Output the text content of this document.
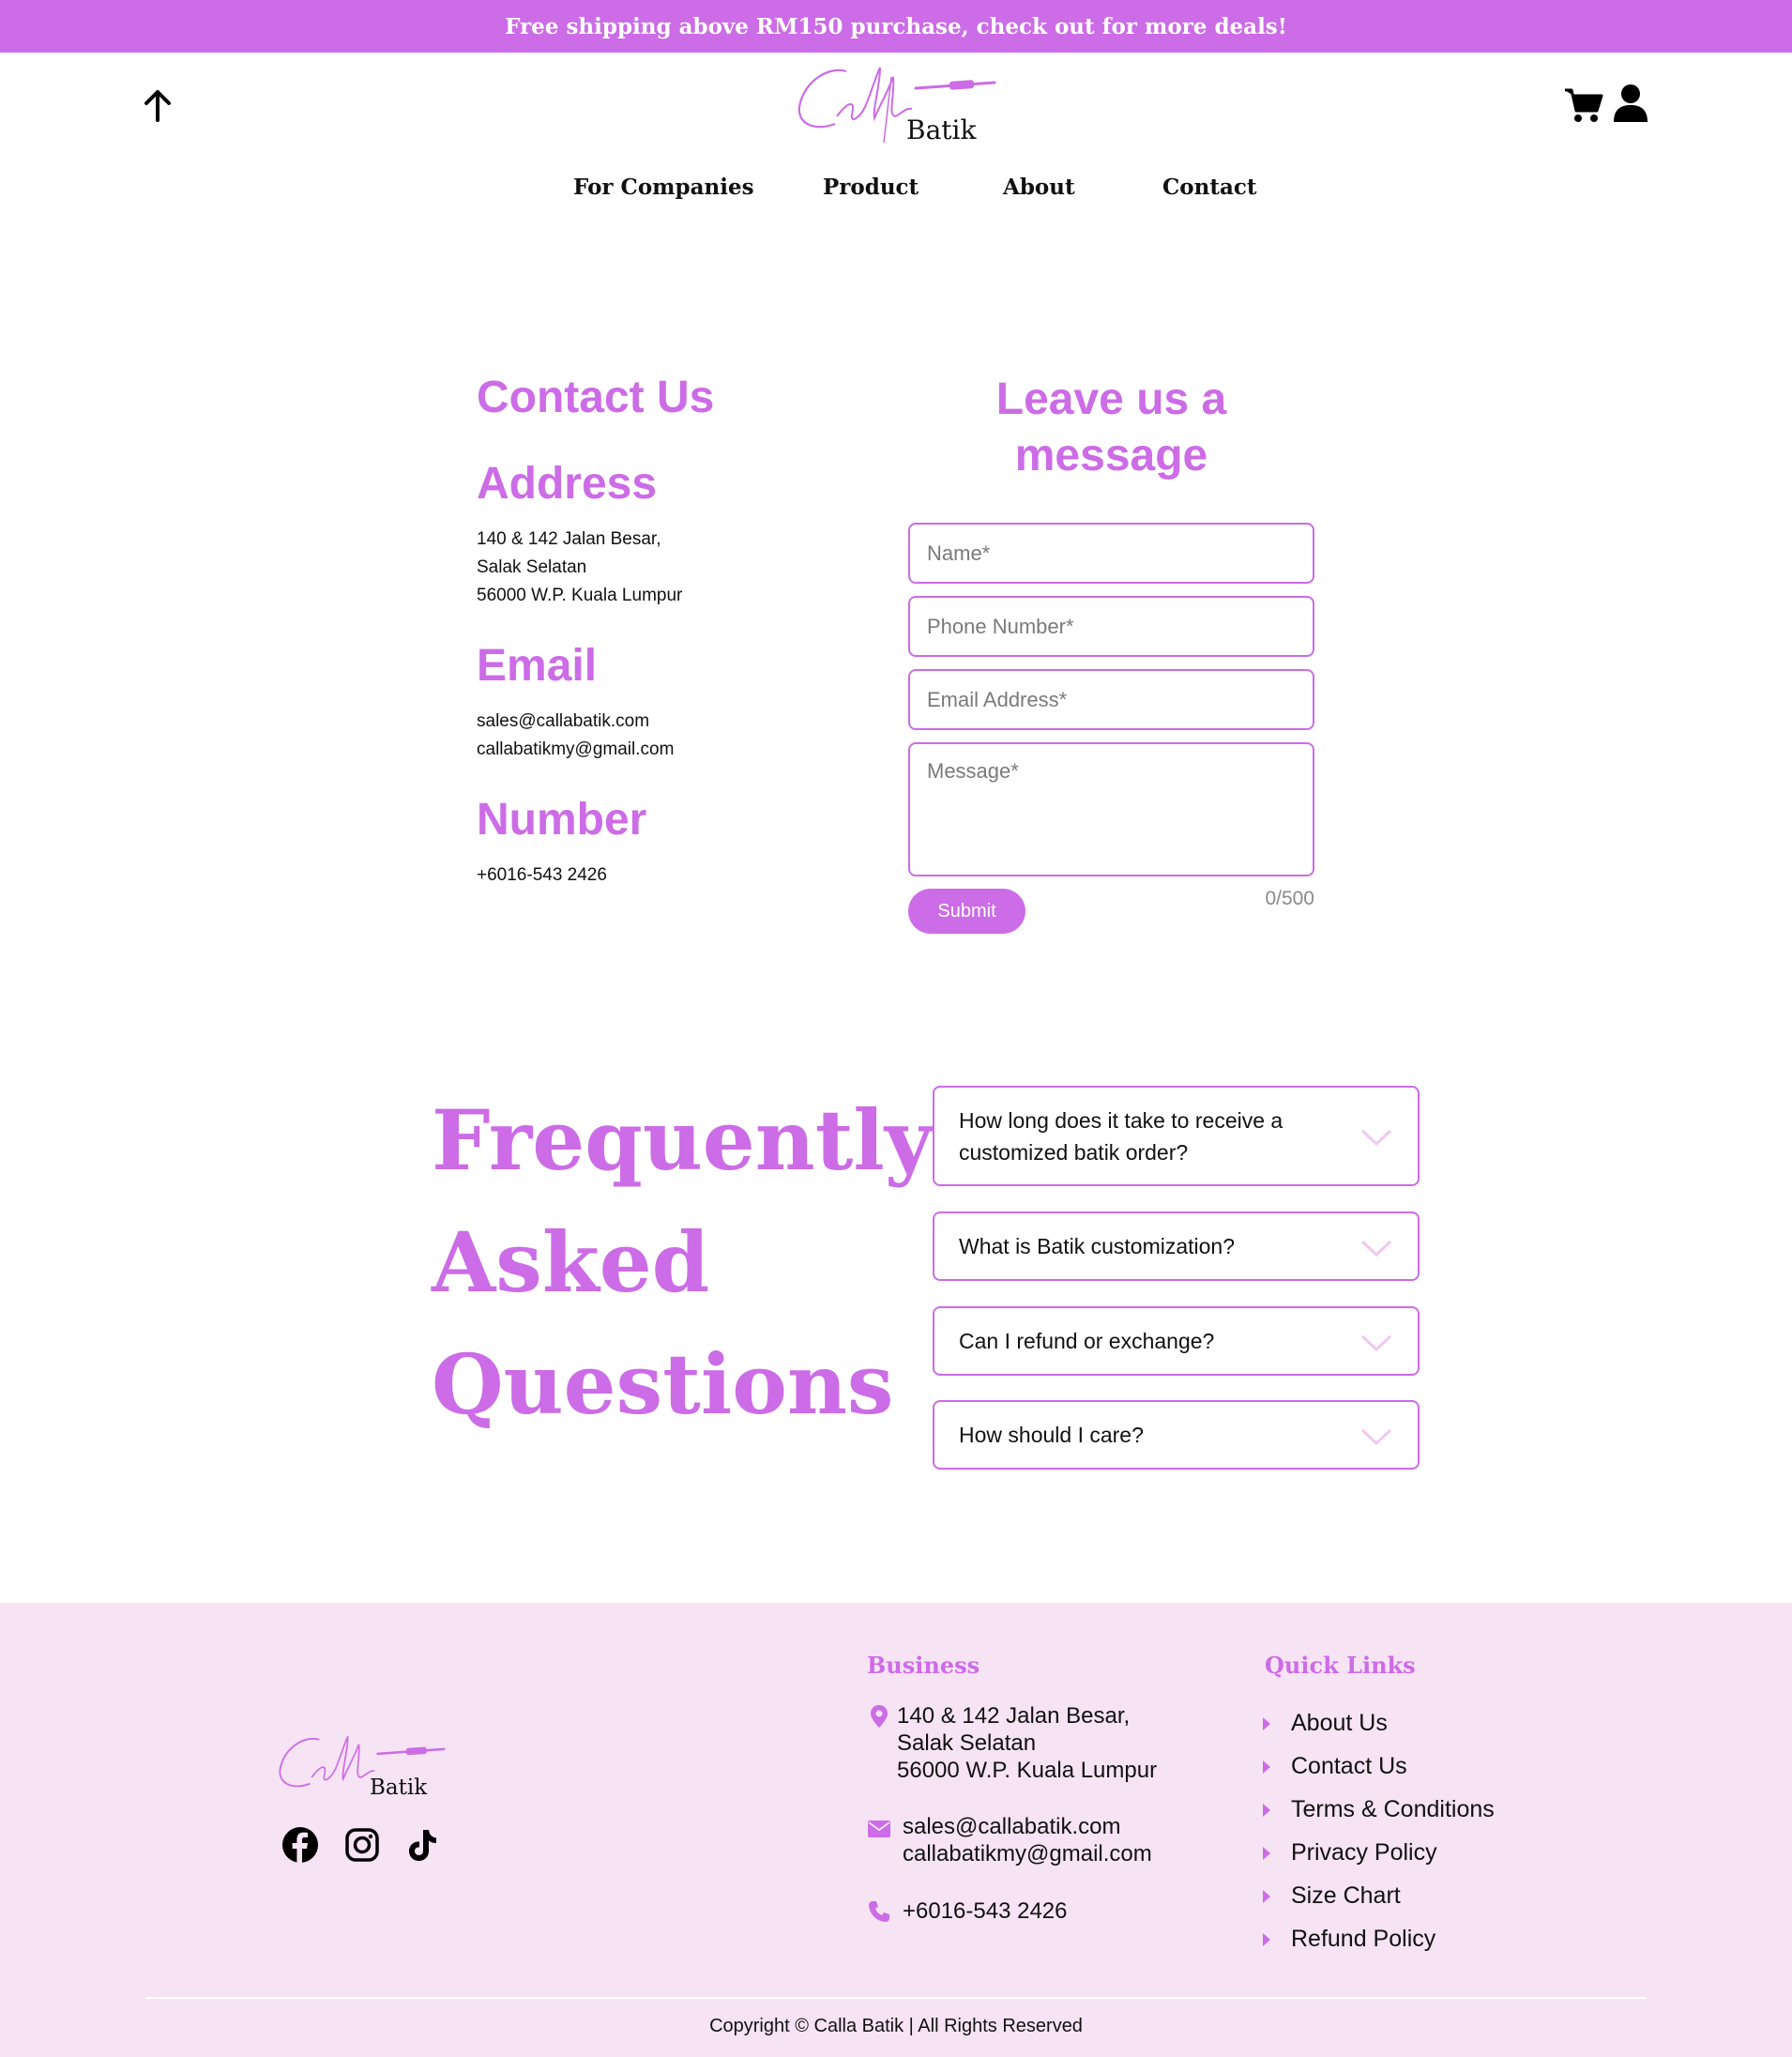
Free shipping above RM150 purchase, check out for more deals!
Batik
For Companies	Product	About	Contact
Contact Us
Address
140 & 142 Jalan Besar,
Salak Selatan
56000 W.P. Kuala Lumpur
Email
sales@callabatik.com
callabatikmy@gmail.com
Number
+6016-543 2426
Leave us a
message
Name*
Phone Number*
Email Address*
Message*
0/500
Submit
Frequently
Asked
Questions
How long does it take to receive a
customized batik order?
What is Batik customization?
Can I refund or exchange?
How should I care?
Batik
Business
140 & 142 Jalan Besar,
Salak Selatan
56000 W.P. Kuala Lumpur
sales@callabatik.com
callabatikmy@gmail.com
+6016-543 2426
Quick Links
About Us
Contact Us
Terms & Conditions
Privacy Policy
Size Chart
Refund Policy
Copyright © Calla Batik | All Rights Reserved
